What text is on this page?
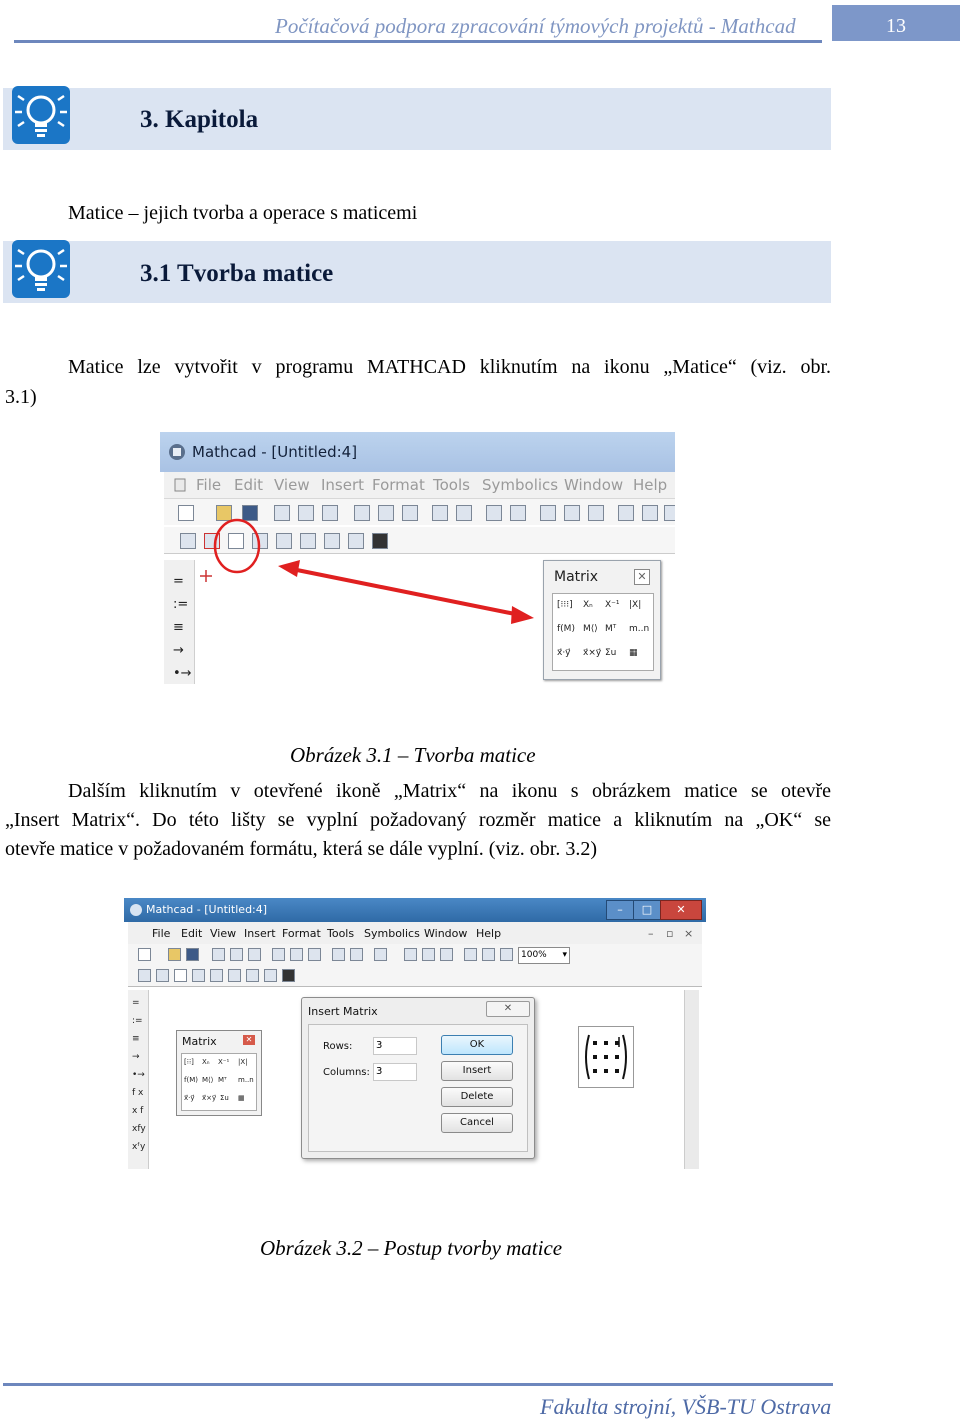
Počítačová podpora zpracování týmových projektů - Mathcad	13
3. Kapitola
Matice – jejich tvorba a operace s maticemi
3.1 Tvorba matice
Matice lze vytvořit v programu MATHCAD kliknutím na ikonu „Matice“ (viz. obr.
3.1)
Mathcad - [Untitled:4]
File Edit View Insert Format Tools Symbolics Window Help
=
:=
≡
→
•→
Matrix	✕
[⁝⁝⁝] Xₙ X⁻¹ |X|
f(M) M⟨⟩ Mᵀ m..n
x⃗·y⃗ x⃗×y⃗ Σu ▦
Obrázek 3.1 – Tvorba matice
Dalším kliknutím v otevřené ikoně „Matrix“ na ikonu s obrázkem matice se otevře
„Insert Matrix“. Do této lišty se vyplní požadovaný rozměr matice a kliknutím na „OK“ se
otevře matice v požadovaném formátu, která se dále vyplní. (viz. obr. 3.2)
Mathcad - [Untitled:4]	–	□	✕
File Edit View Insert Format Tools Symbolics Window Help	– ▫ ×
100% ▾
=
:=
≡
→
•→
f x
x f
xfy
xᶠy
Matrix	✕
[⁝⁝] Xₙ X⁻¹ |X|
f(M) M⟨⟩ Mᵀ m..n
x⃗·y⃗ x⃗×y⃗ Σu ▦
Insert Matrix	✕
Rows:	3
Columns: 3
OK
Insert
Delete
Cancel
Obrázek 3.2 – Postup tvorby matice
Fakulta strojní, VŠB-TU Ostrava
